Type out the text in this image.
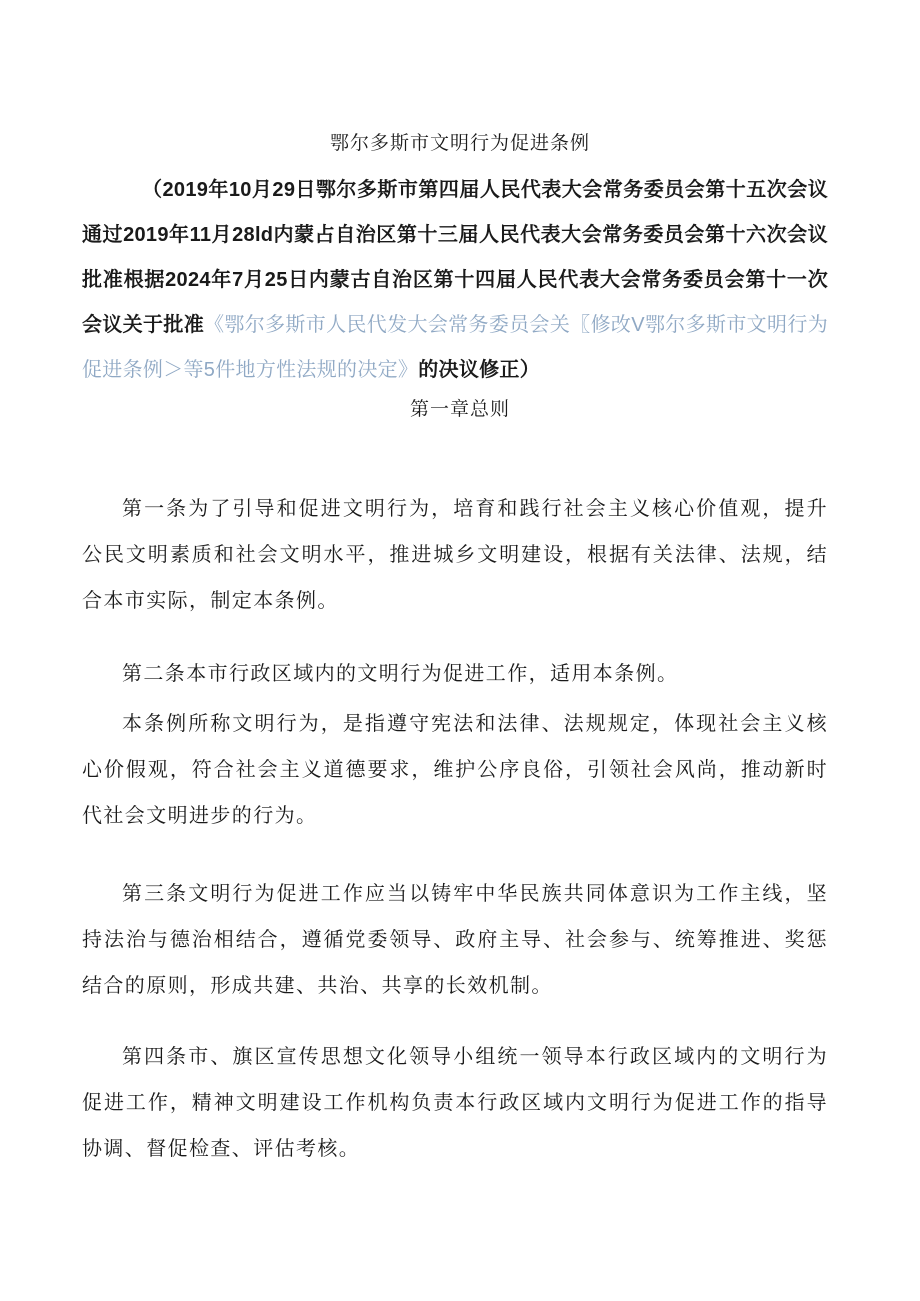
鄂尔多斯市文明行为促进条例
（2019年10月29日鄂尔多斯市第四届人民代表大会常务委员会第十五次会议通过2019年11月28ld内蒙占自治区第十三届人民代表大会常务委员会第十六次会议批准根据2024年7月25日内蒙古自治区第十四届人民代表大会常务委员会第十一次会议关于批准《鄂尔多斯市人民代发大会常务委员会关〖修改V鄂尔多斯市文明行为促进条例＞等5件地方性法规的决定》的决议修正）
第一章总则

第一条为了引导和促进文明行为，培育和践行社会主义核心价值观，提升公民文明素质和社会文明水平，推进城乡文明建设，根据有关法律、法规，结合本市实际，制定本条例。

第二条本市行政区域内的文明行为促进工作，适用本条例。

本条例所称文明行为，是指遵守宪法和法律、法规规定，体现社会主义核心价假观，符合社会主义道德要求，维护公序良俗，引领社会风尚，推动新时代社会文明进步的行为。

第三条文明行为促进工作应当以铸牢中华民族共同体意识为工作主线，坚持法治与德治相结合，遵循党委领导、政府主导、社会参与、统筹推进、奖惩结合的原则，形成共建、共治、共享的长效机制。

第四条市、旗区宣传思想文化领导小组统一领导本行政区域内的文明行为促进工作，精神文明建设工作机构负责本行政区域内文明行为促进工作的指导协调、督促检查、评估考核。
